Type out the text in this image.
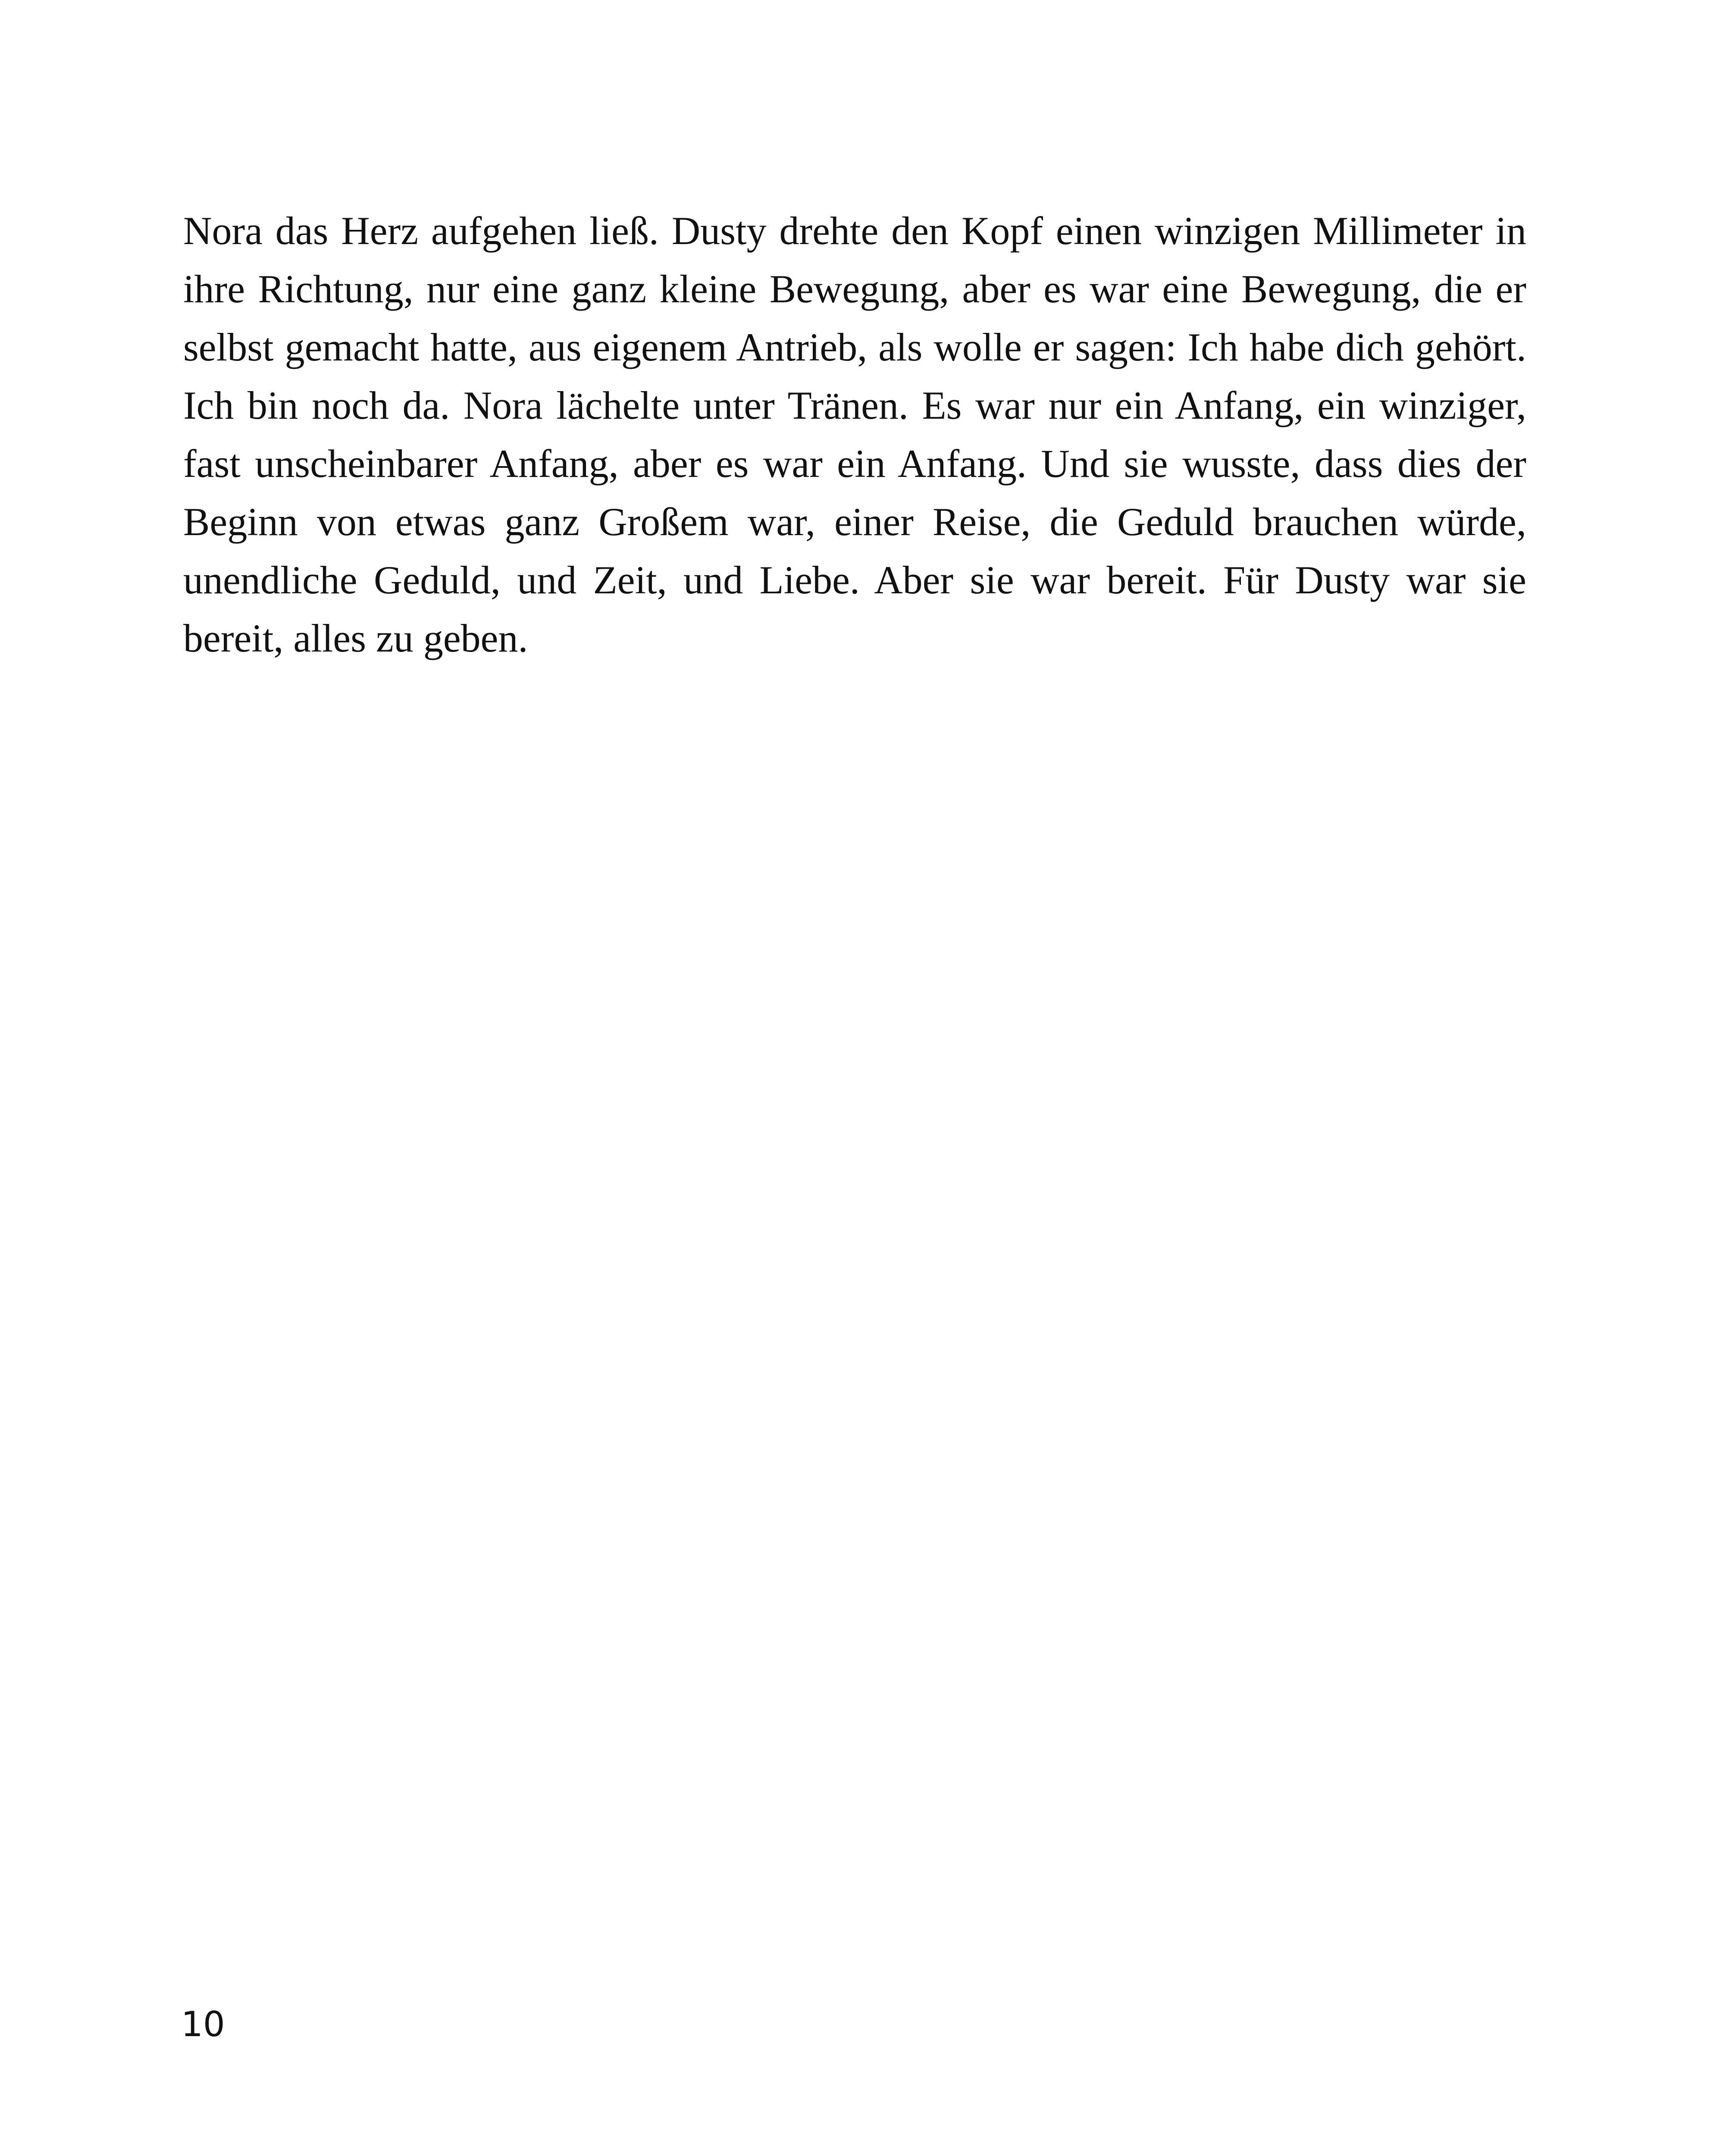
Nora das Herz aufgehen ließ. Dusty drehte den Kopf einen winzigen Millimeter in ihre Richtung, nur eine ganz kleine Bewegung, aber es war eine Bewegung, die er selbst gemacht hatte, aus eigenem Antrieb, als wolle er sagen: Ich habe dich gehört. Ich bin noch da. Nora lächelte unter Tränen. Es war nur ein Anfang, ein winziger, fast unscheinbarer Anfang, aber es war ein Anfang. Und sie wusste, dass dies der Beginn von etwas ganz Großem war, einer Reise, die Geduld brauchen würde, unendliche Geduld, und Zeit, und Liebe. Aber sie war bereit. Für Dusty war sie bereit, alles zu geben.

10
